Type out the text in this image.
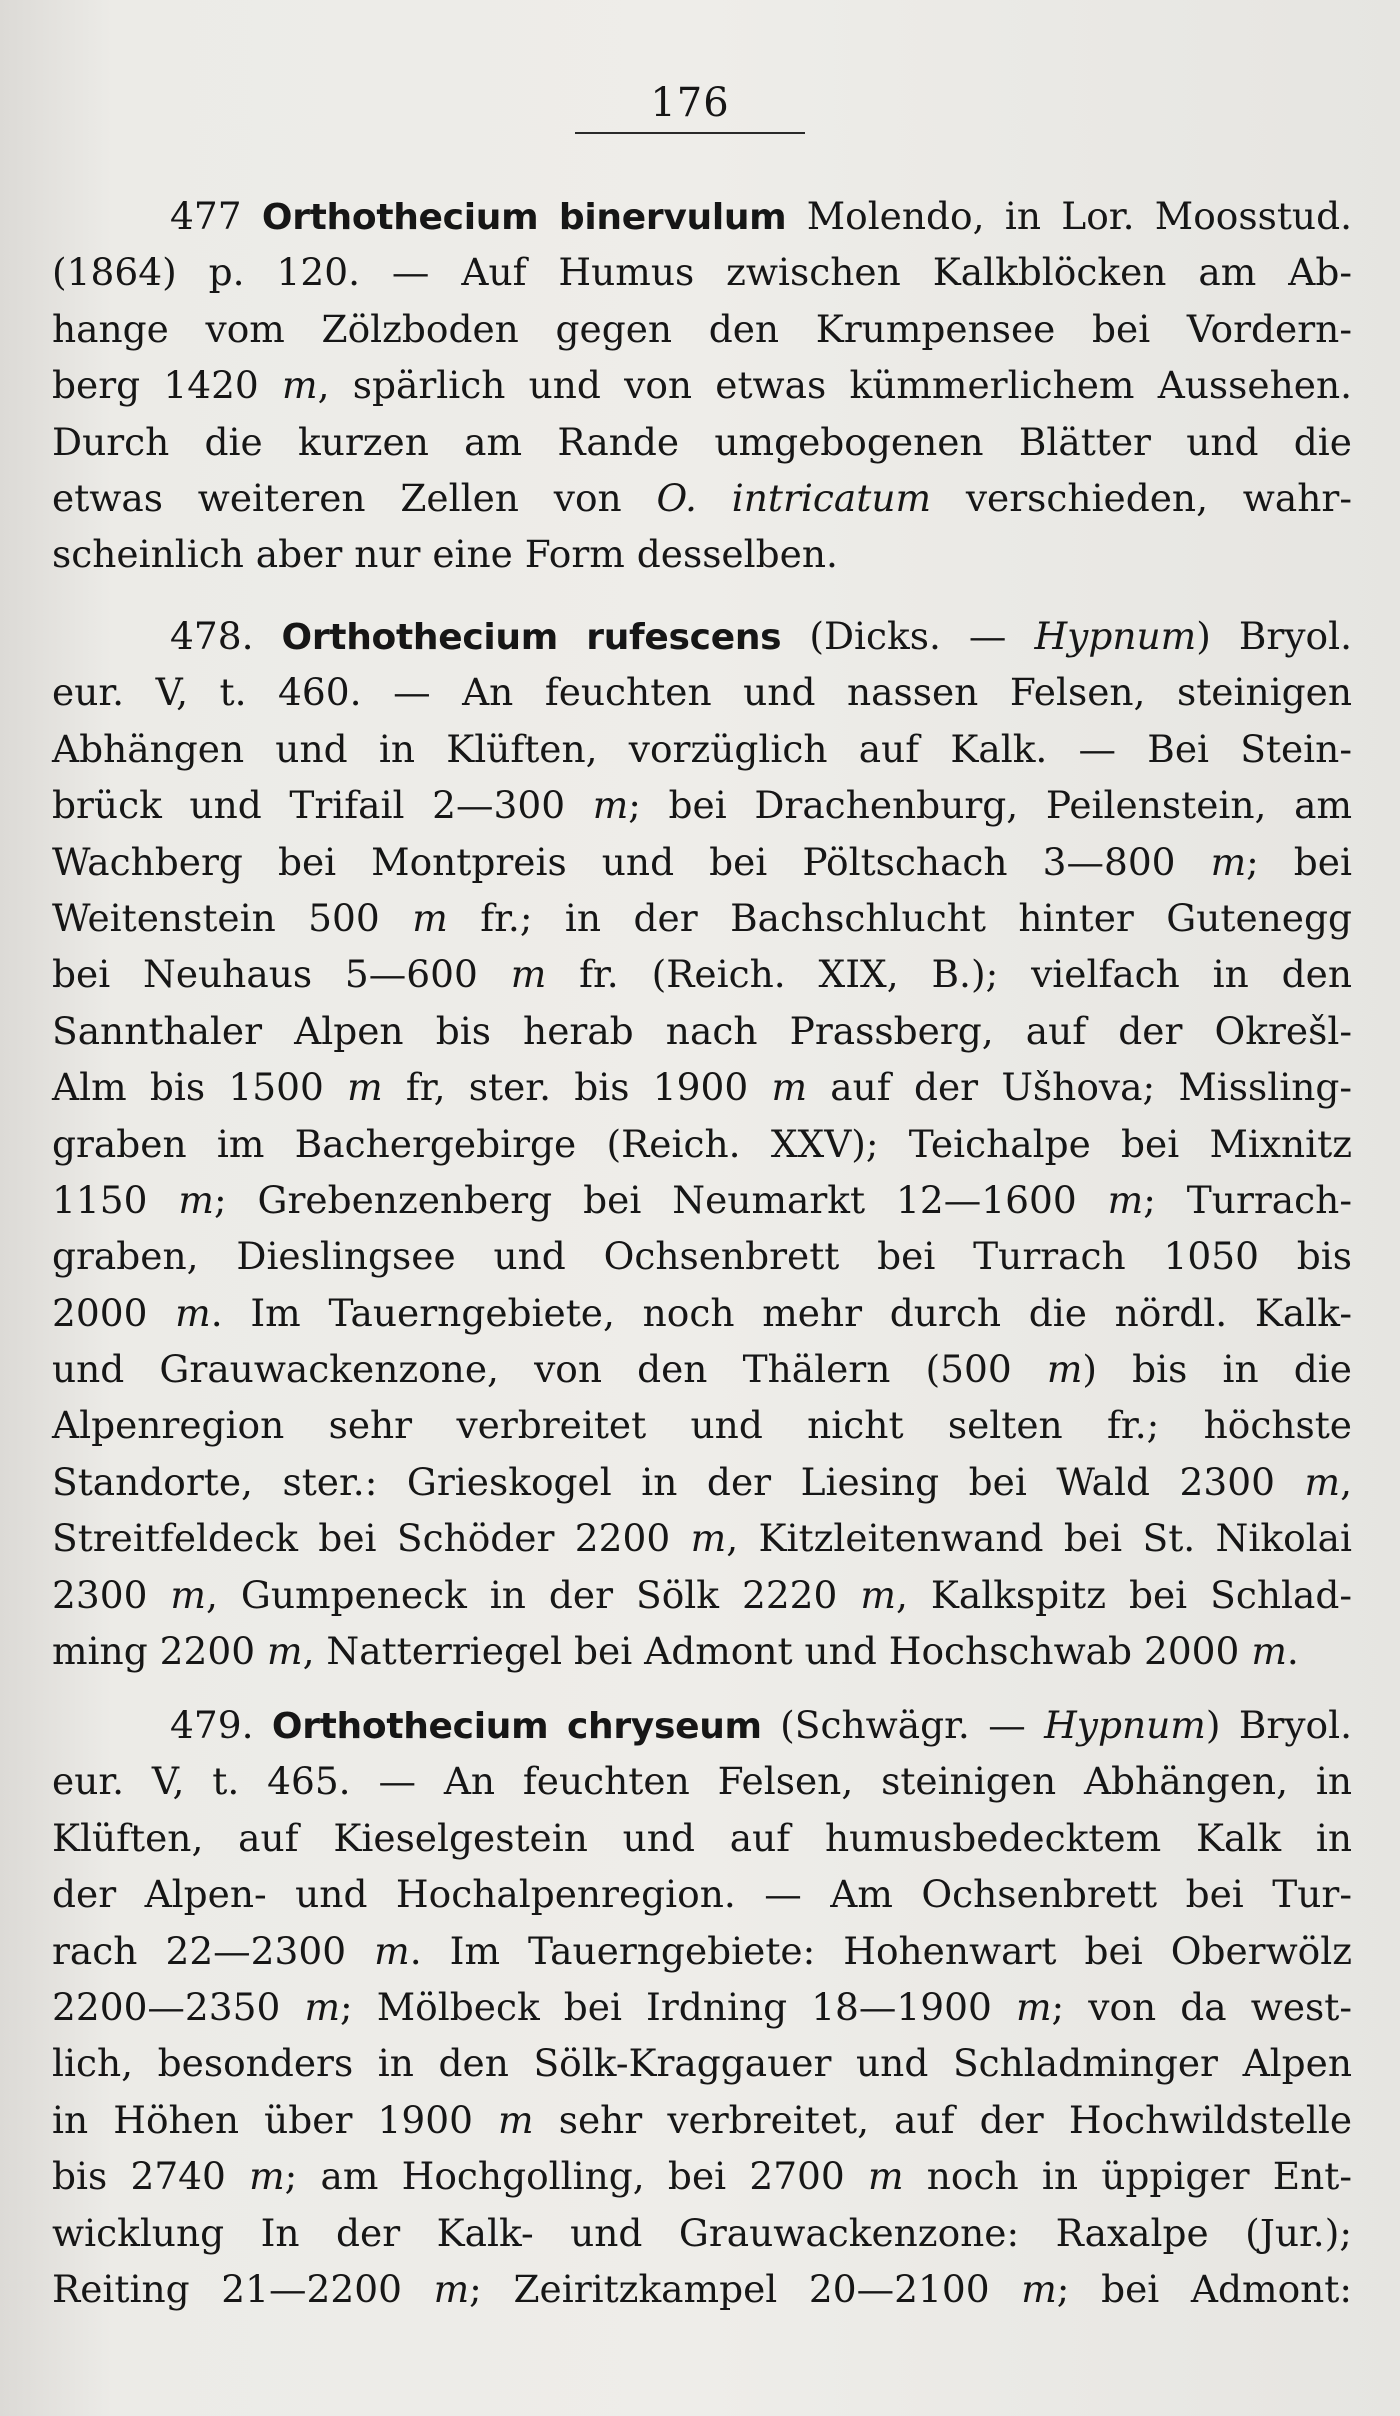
176
477 Orthothecium binervulum Molendo, in Lor. Moosstud.
(1864) p. 120. — Auf Humus zwischen Kalkblöcken am Ab-
hange vom Zölzboden gegen den Krumpensee bei Vordern-
berg 1420 m, spärlich und von etwas kümmerlichem Aussehen.
Durch die kurzen am Rande umgebogenen Blätter und die
etwas weiteren Zellen von O. intricatum verschieden, wahr-
scheinlich aber nur eine Form desselben.
478. Orthothecium rufescens (Dicks. — Hypnum) Bryol.
eur. V, t. 460. — An feuchten und nassen Felsen, steinigen
Abhängen und in Klüften, vorzüglich auf Kalk. — Bei Stein-
brück und Trifail 2—300 m; bei Drachenburg, Peilenstein, am
Wachberg bei Montpreis und bei Pöltschach 3—800 m; bei
Weitenstein 500 m fr.; in der Bachschlucht hinter Gutenegg
bei Neuhaus 5—600 m fr. (Reich. XIX, B.); vielfach in den
Sannthaler Alpen bis herab nach Prassberg, auf der Okrešl-
Alm bis 1500 m fr, ster. bis 1900 m auf der Ušhova; Missling-
graben im Bachergebirge (Reich. XXV); Teichalpe bei Mixnitz
1150 m; Grebenzenberg bei Neumarkt 12—1600 m; Turrach-
graben, Dieslingsee und Ochsenbrett bei Turrach 1050 bis
2000 m. Im Tauerngebiete, noch mehr durch die nördl. Kalk-
und Grauwackenzone, von den Thälern (500 m) bis in die
Alpenregion sehr verbreitet und nicht selten fr.; höchste
Standorte, ster.: Grieskogel in der Liesing bei Wald 2300 m,
Streitfeldeck bei Schöder 2200 m, Kitzleitenwand bei St. Nikolai
2300 m, Gumpeneck in der Sölk 2220 m, Kalkspitz bei Schlad-
ming 2200 m, Natterriegel bei Admont und Hochschwab 2000 m.
479. Orthothecium chryseum (Schwägr. — Hypnum) Bryol.
eur. V, t. 465. — An feuchten Felsen, steinigen Abhängen, in
Klüften, auf Kieselgestein und auf humusbedecktem Kalk in
der Alpen- und Hochalpenregion. — Am Ochsenbrett bei Tur-
rach 22—2300 m. Im Tauerngebiete: Hohenwart bei Oberwölz
2200—2350 m; Mölbeck bei Irdning 18—1900 m; von da west-
lich, besonders in den Sölk-Kraggauer und Schladminger Alpen
in Höhen über 1900 m sehr verbreitet, auf der Hochwildstelle
bis 2740 m; am Hochgolling, bei 2700 m noch in üppiger Ent-
wicklung In der Kalk- und Grauwackenzone: Raxalpe (Jur.);
Reiting 21—2200 m; Zeiritzkampel 20—2100 m; bei Admont:
